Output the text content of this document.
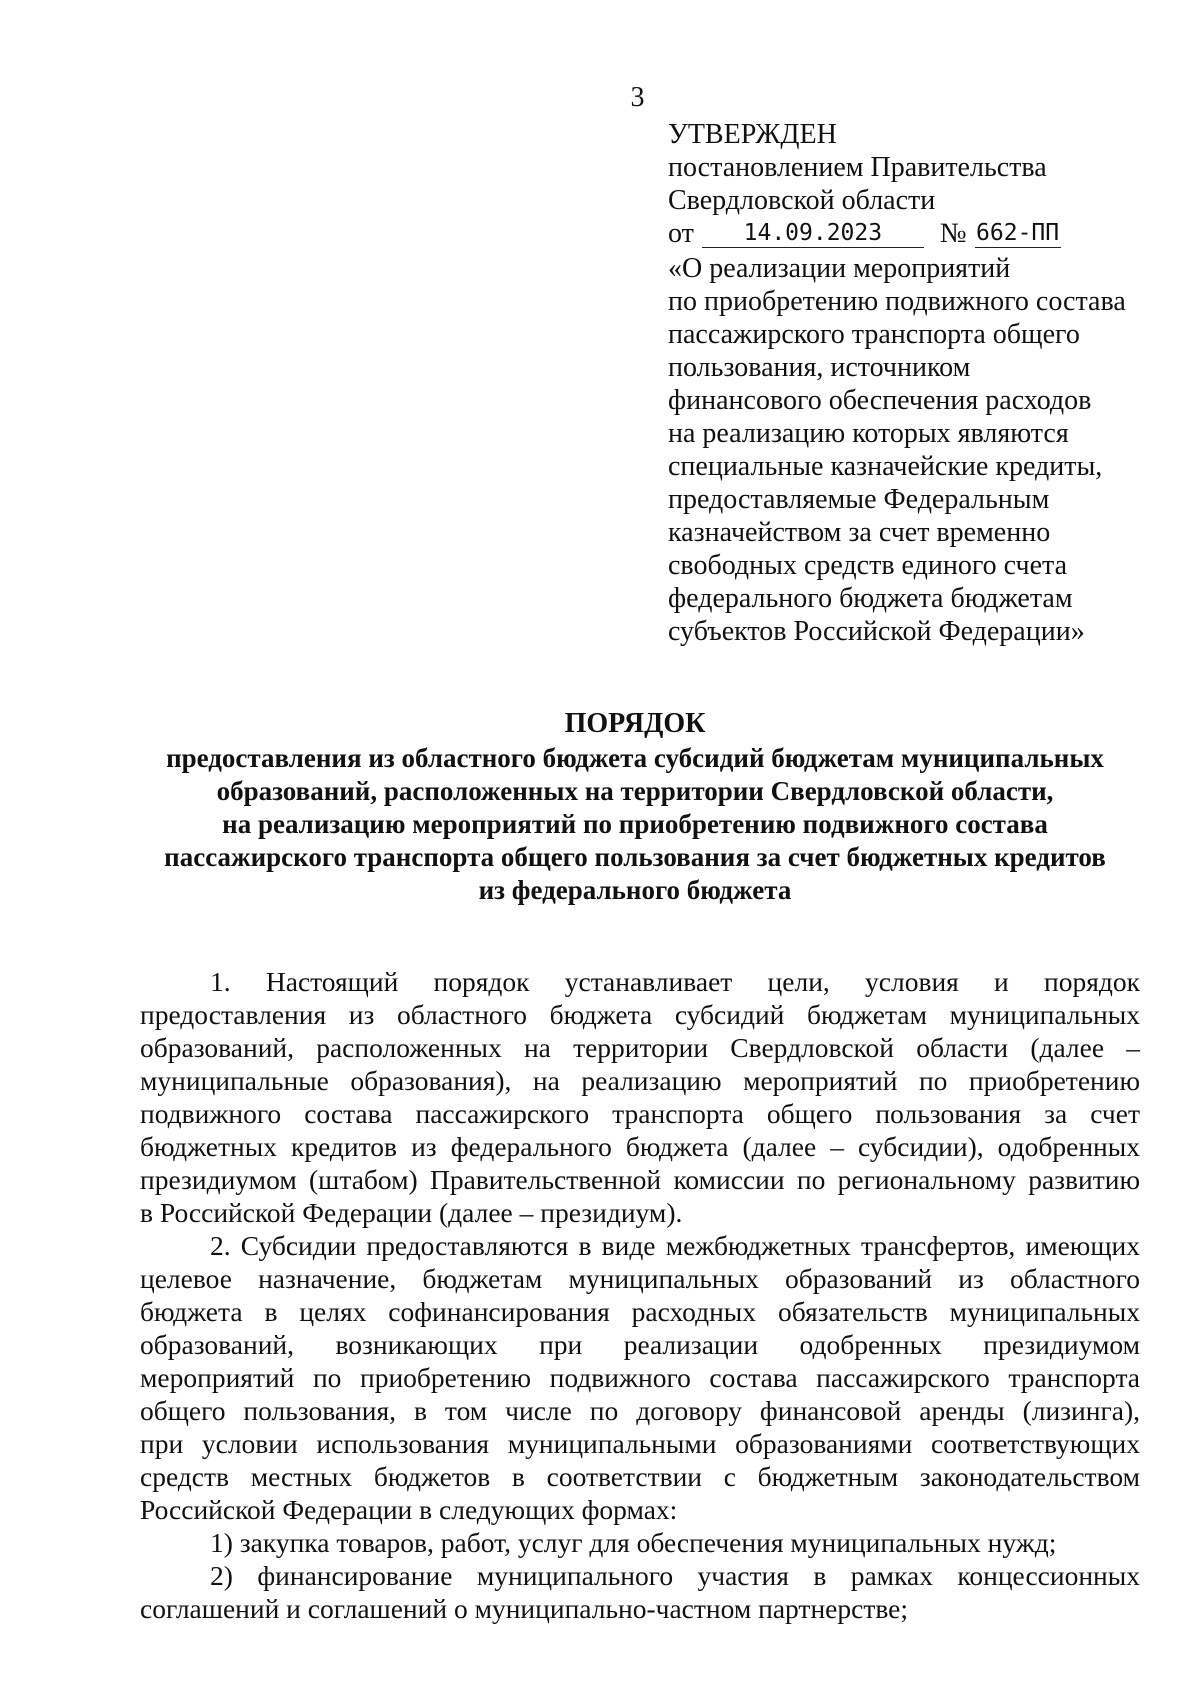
3
УТВЕРЖДЕН
постановлением Правительства
Свердловской области
от 14.09.2023 № 662-ПП
«О реализации мероприятий
по приобретению подвижного состава
пассажирского транспорта общего
пользования, источником
финансового обеспечения расходов
на реализацию которых являются
специальные казначейские кредиты,
предоставляемые Федеральным
казначейством за счет временно
свободных средств единого счета
федерального бюджета бюджетам
субъектов Российской Федерации»
ПОРЯДОК
предоставления из областного бюджета субсидий бюджетам муниципальных
образований, расположенных на территории Свердловской области,
на реализацию мероприятий по приобретению подвижного состава
пассажирского транспорта общего пользования за счет бюджетных кредитов
из федерального бюджета
1. Настоящий порядок устанавливает цели, условия и порядок
предоставления из областного бюджета субсидий бюджетам муниципальных
образований, расположенных на территории Свердловской области (далее –
муниципальные образования), на реализацию мероприятий по приобретению
подвижного состава пассажирского транспорта общего пользования за счет
бюджетных кредитов из федерального бюджета (далее – субсидии), одобренных
президиумом (штабом) Правительственной комиссии по региональному развитию
в Российской Федерации (далее – президиум).
2. Субсидии предоставляются в виде межбюджетных трансфертов, имеющих
целевое назначение, бюджетам муниципальных образований из областного
бюджета в целях софинансирования расходных обязательств муниципальных
образований, возникающих при реализации одобренных президиумом
мероприятий по приобретению подвижного состава пассажирского транспорта
общего пользования, в том числе по договору финансовой аренды (лизинга),
при условии использования муниципальными образованиями соответствующих
средств местных бюджетов в соответствии с бюджетным законодательством
Российской Федерации в следующих формах:
1) закупка товаров, работ, услуг для обеспечения муниципальных нужд;
2) финансирование муниципального участия в рамках концессионных
соглашений и соглашений о муниципально-частном партнерстве;
